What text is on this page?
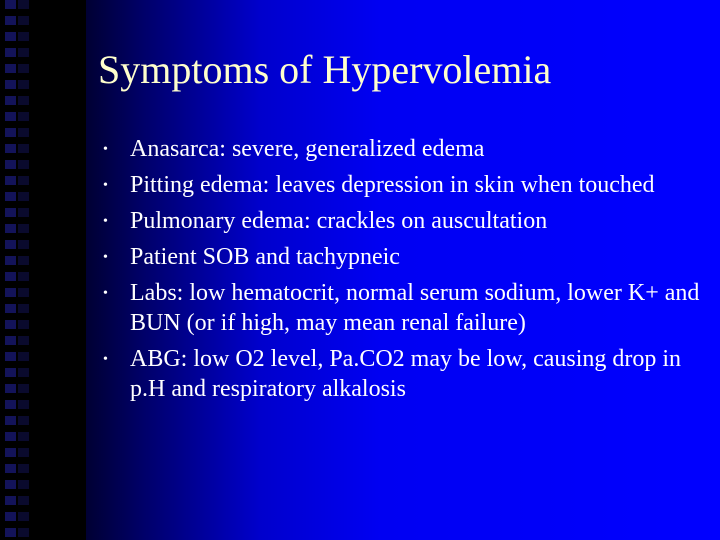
Symptoms of Hypervolemia
• Anasarca: severe, generalized edema
• Pitting edema: leaves depression in skin when touched
• Pulmonary edema: crackles on auscultation
• Patient SOB and tachypneic
• Labs: low hematocrit, normal serum sodium, lower K+ and BUN (or if high, may mean renal failure)
• ABG: low O2 level, Pa.CO2 may be low, causing drop in p.H and respiratory alkalosis
